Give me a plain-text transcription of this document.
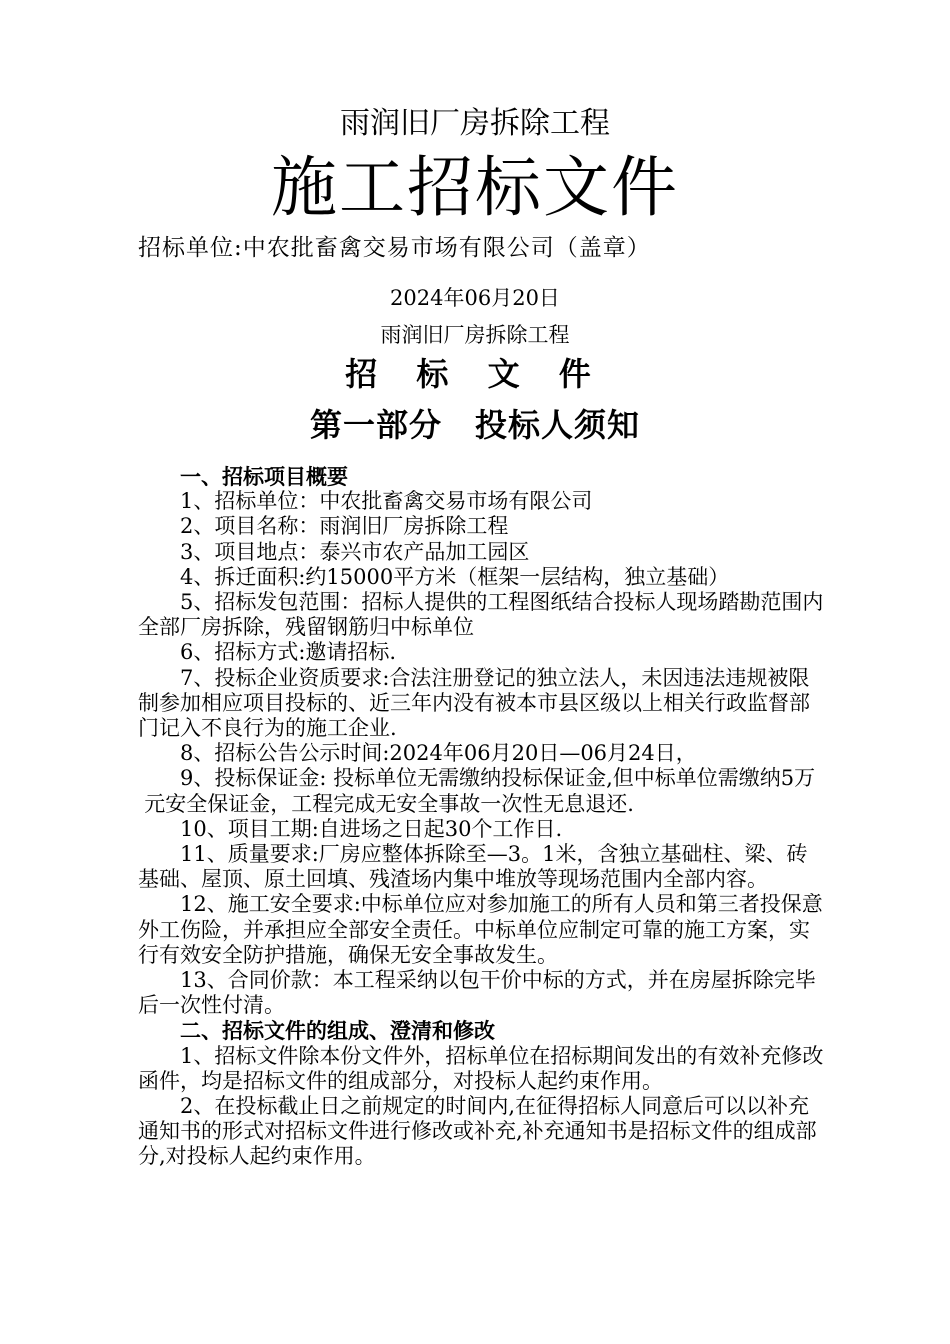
雨润旧厂房拆除工程
施工招标文件
招标单位:中农批畜禽交易市场有限公司（盖章）
2024年06月20日
雨润旧厂房拆除工程
招 标 文 件
第一部分　投标人须知

一、招标项目概要

1、招标单位：中农批畜禽交易市场有限公司

2、项目名称：雨润旧厂房拆除工程

3、项目地点：泰兴市农产品加工园区

4、拆迁面积:约15000平方米（框架一层结构，独立基础）

5、招标发包范围：招标人提供的工程图纸结合投标人现场踏勘范围内全部厂房拆除，残留钢筋归中标单位

6、招标方式:邀请招标.

7、投标企业资质要求:合法注册登记的独立法人，未因违法违规被限制参加相应项目投标的、近三年内没有被本市县区级以上相关行政监督部门记入不良行为的施工企业.

8、招标公告公示时间:2024年06月20日—06月24日，

9、投标保证金: 投标单位无需缴纳投标保证金,但中标单位需缴纳5万元安全保证金，工程完成无安全事故一次性无息退还.

10、项目工期:自进场之日起30个工作日.

11、质量要求:厂房应整体拆除至—3。1米，含独立基础柱、梁、砖基础、屋顶、原土回填、残渣场内集中堆放等现场范围内全部内容。

12、施工安全要求:中标单位应对参加施工的所有人员和第三者投保意外工伤险，并承担应全部安全责任。中标单位应制定可靠的施工方案，实行有效安全防护措施，确保无安全事故发生。

13、合同价款：本工程采纳以包干价中标的方式，并在房屋拆除完毕后一次性付清。

二、招标文件的组成、澄清和修改

1、招标文件除本份文件外，招标单位在招标期间发出的有效补充修改函件，均是招标文件的组成部分，对投标人起约束作用。

2、在投标截止日之前规定的时间内,在征得招标人同意后可以以补充通知书的形式对招标文件进行修改或补充,补充通知书是招标文件的组成部分,对投标人起约束作用。
